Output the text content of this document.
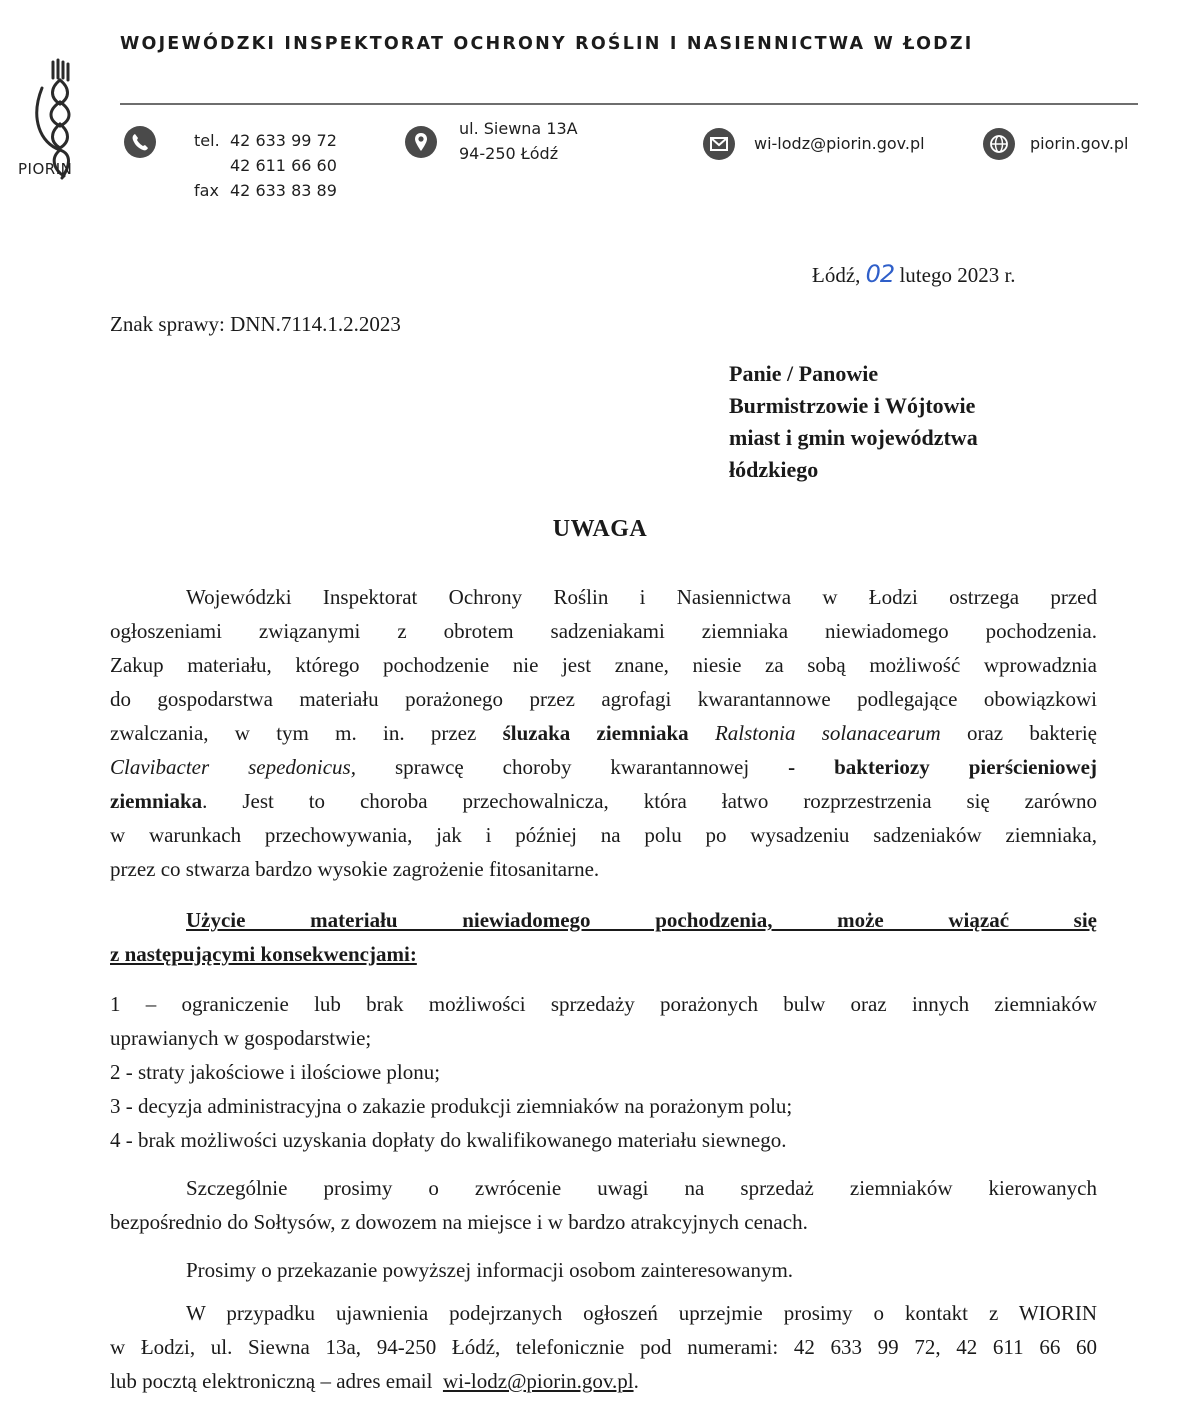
PIORIN
WOJEWÓDZKI INSPEKTORAT OCHRONY ROŚLIN I NASIENNICTWA W ŁODZI
tel. 42 633 99 72
42 611 66 60
fax 42 633 83 89
ul. Siewna 13A
94-250 Łódź
wi-lodz@piorin.gov.pl	piorin.gov.pl
Łódź, 02 lutego 2023 r.
Znak sprawy: DNN.7114.1.2.2023
Panie / Panowie
Burmistrzowie i Wójtowie
miast i gmin województwa
łódzkiego
UWAGA
Wojewódzki Inspektorat Ochrony Roślin i Nasiennictwa w Łodzi ostrzega przed
ogłoszeniami związanymi z obrotem sadzeniakami ziemniaka niewiadomego pochodzenia.
Zakup materiału, którego pochodzenie nie jest znane, niesie za sobą możliwość wprowadznia
do gospodarstwa materiału porażonego przez agrofagi kwarantannowe podlegające obowiązkowi
zwalczania, w tym m. in. przez śluzaka ziemniaka Ralstonia solanacearum oraz bakterię
Clavibacter sepedonicus, sprawcę choroby kwarantannowej - bakteriozy pierścieniowej
ziemniaka. Jest to choroba przechowalnicza, która łatwo rozprzestrzenia się zarówno
w warunkach przechowywania, jak i później na polu po wysadzeniu sadzeniaków ziemniaka,
przez co stwarza bardzo wysokie zagrożenie fitosanitarne.
Użycie materiału niewiadomego pochodzenia, może wiązać się
z następującymi konsekwencjami:
1 – ograniczenie lub brak możliwości sprzedaży porażonych bulw oraz innych ziemniaków
uprawianych w gospodarstwie;
2 - straty jakościowe i ilościowe plonu;
3 - decyzja administracyjna o zakazie produkcji ziemniaków na porażonym polu;
4 - brak możliwości uzyskania dopłaty do kwalifikowanego materiału siewnego.
Szczególnie prosimy o zwrócenie uwagi na sprzedaż ziemniaków kierowanych
bezpośrednio do Sołtysów, z dowozem na miejsce i w bardzo atrakcyjnych cenach.
Prosimy o przekazanie powyższej informacji osobom zainteresowanym.
W przypadku ujawnienia podejrzanych ogłoszeń uprzejmie prosimy o kontakt z WIORIN
w Łodzi, ul. Siewna 13a, 94-250 Łódź, telefonicznie pod numerami: 42 633 99 72, 42 611 66 60
lub pocztą elektroniczną – adres email wi-lodz@piorin.gov.pl.
